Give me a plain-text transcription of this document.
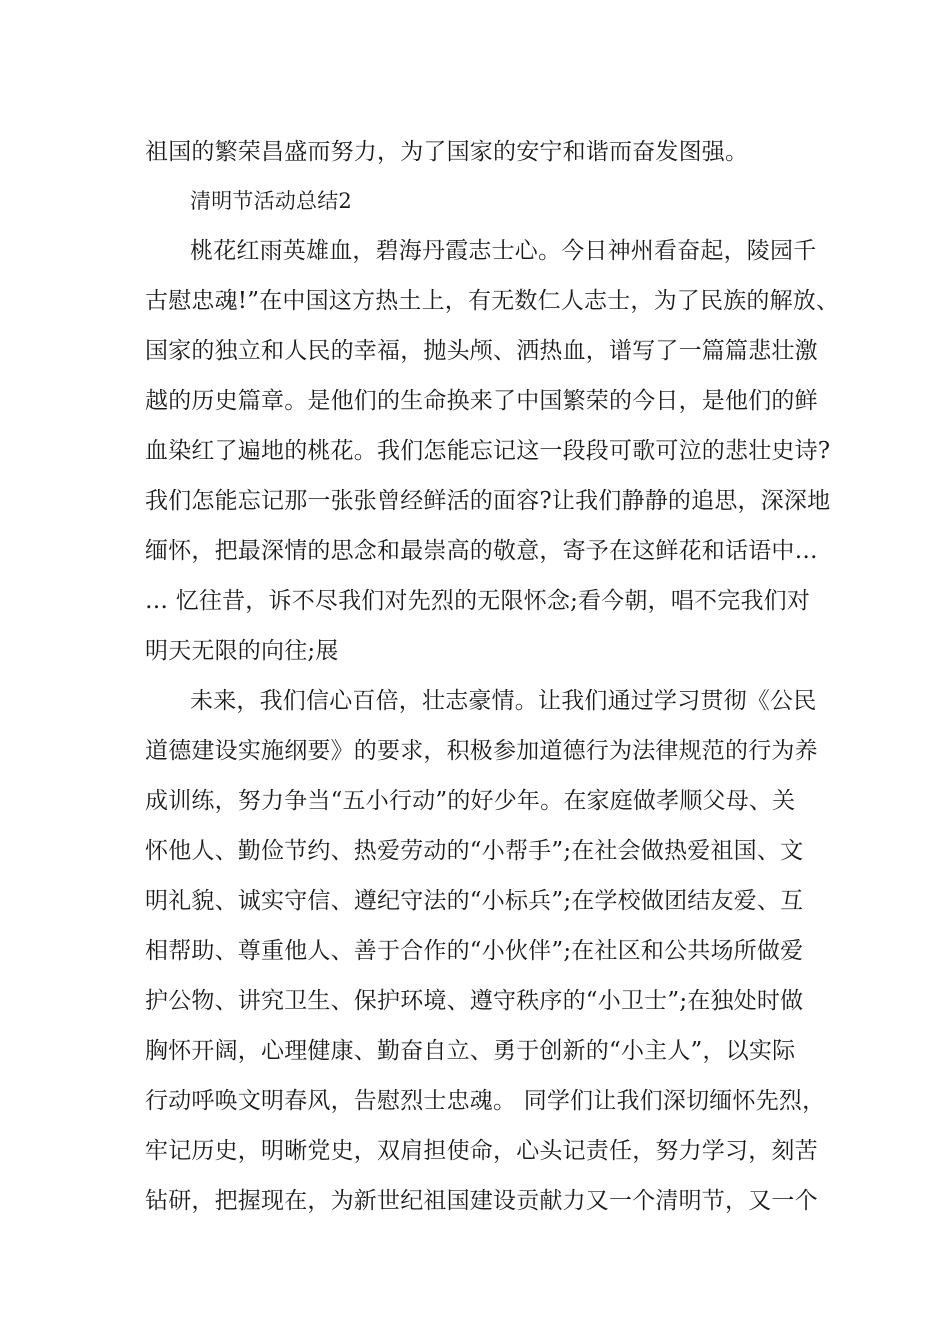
祖国的繁荣昌盛而努力，为了国家的安宁和谐而奋发图强。
清明节活动总结2
桃花红雨英雄血，碧海丹霞志士心。今日神州看奋起，陵园千
古慰忠魂!”在中国这方热土上，有无数仁人志士，为了民族的解放、
国家的独立和人民的幸福，抛头颅、洒热血，谱写了一篇篇悲壮激
越的历史篇章。是他们的生命换来了中国繁荣的今日，是他们的鲜
血染红了遍地的桃花。我们怎能忘记这一段段可歌可泣的悲壮史诗?
我们怎能忘记那一张张曾经鲜活的面容?让我们静静的追思，深深地
缅怀，把最深情的思念和最崇高的敬意，寄予在这鲜花和话语中…
… 忆往昔，诉不尽我们对先烈的无限怀念;看今朝，唱不完我们对
明天无限的向往;展
未来，我们信心百倍，壮志豪情。让我们通过学习贯彻《公民
道德建设实施纲要》的要求，积极参加道德行为法律规范的行为养
成训练，努力争当“五小行动”的好少年。在家庭做孝顺父母、关
怀他人、勤俭节约、热爱劳动的“小帮手”;在社会做热爱祖国、文
明礼貌、诚实守信、遵纪守法的“小标兵”;在学校做团结友爱、互
相帮助、尊重他人、善于合作的“小伙伴”;在社区和公共场所做爱
护公物、讲究卫生、保护环境、遵守秩序的“小卫士”;在独处时做
胸怀开阔，心理健康、勤奋自立、勇于创新的“小主人”，以实际
行动呼唤文明春风，告慰烈士忠魂。 同学们让我们深切缅怀先烈，
牢记历史，明晰党史，双肩担使命，心头记责任，努力学习，刻苦
钻研，把握现在，为新世纪祖国建设贡献力又一个清明节，又一个
